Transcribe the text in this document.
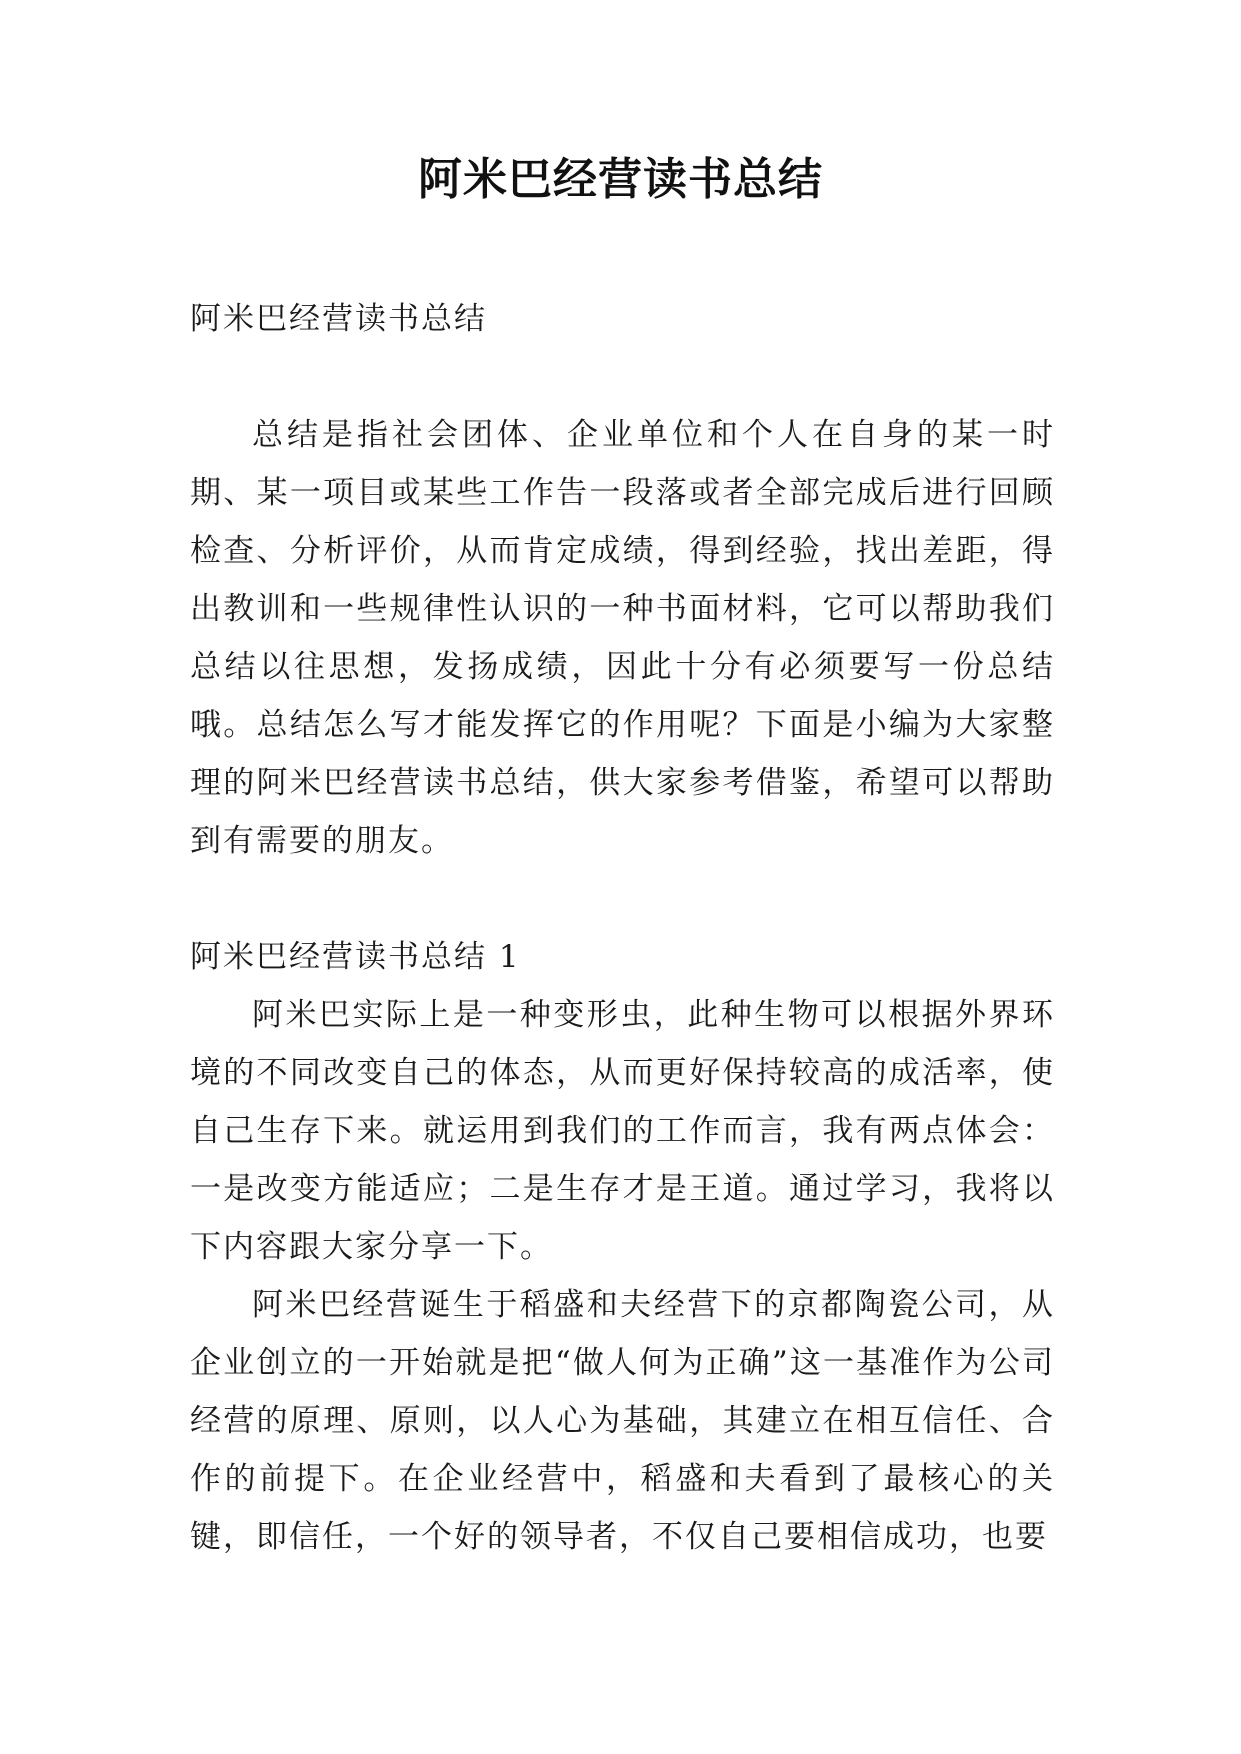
阿米巴经营读书总结

阿米巴经营读书总结

总结是指社会团体、企业单位和个人在自身的某一时期、某一项目或某些工作告一段落或者全部完成后进行回顾检查、分析评价，从而肯定成绩，得到经验，找出差距，得出教训和一些规律性认识的一种书面材料，它可以帮助我们总结以往思想，发扬成绩，因此十分有必须要写一份总结哦。总结怎么写才能发挥它的作用呢？下面是小编为大家整理的阿米巴经营读书总结，供大家参考借鉴，希望可以帮助到有需要的朋友。

阿米巴经营读书总结 1

阿米巴实际上是一种变形虫，此种生物可以根据外界环境的不同改变自己的体态，从而更好保持较高的成活率，使自己生存下来。就运用到我们的工作而言，我有两点体会：一是改变方能适应；二是生存才是王道。通过学习，我将以下内容跟大家分享一下。

阿米巴经营诞生于稻盛和夫经营下的京都陶瓷公司，从企业创立的一开始就是把“做人何为正确”这一基准作为公司经营的原理、原则，以人心为基础，其建立在相互信任、合作的前提下。在企业经营中，稻盛和夫看到了最核心的关键，即信任，一个好的领导者，不仅自己要相信成功，也要
